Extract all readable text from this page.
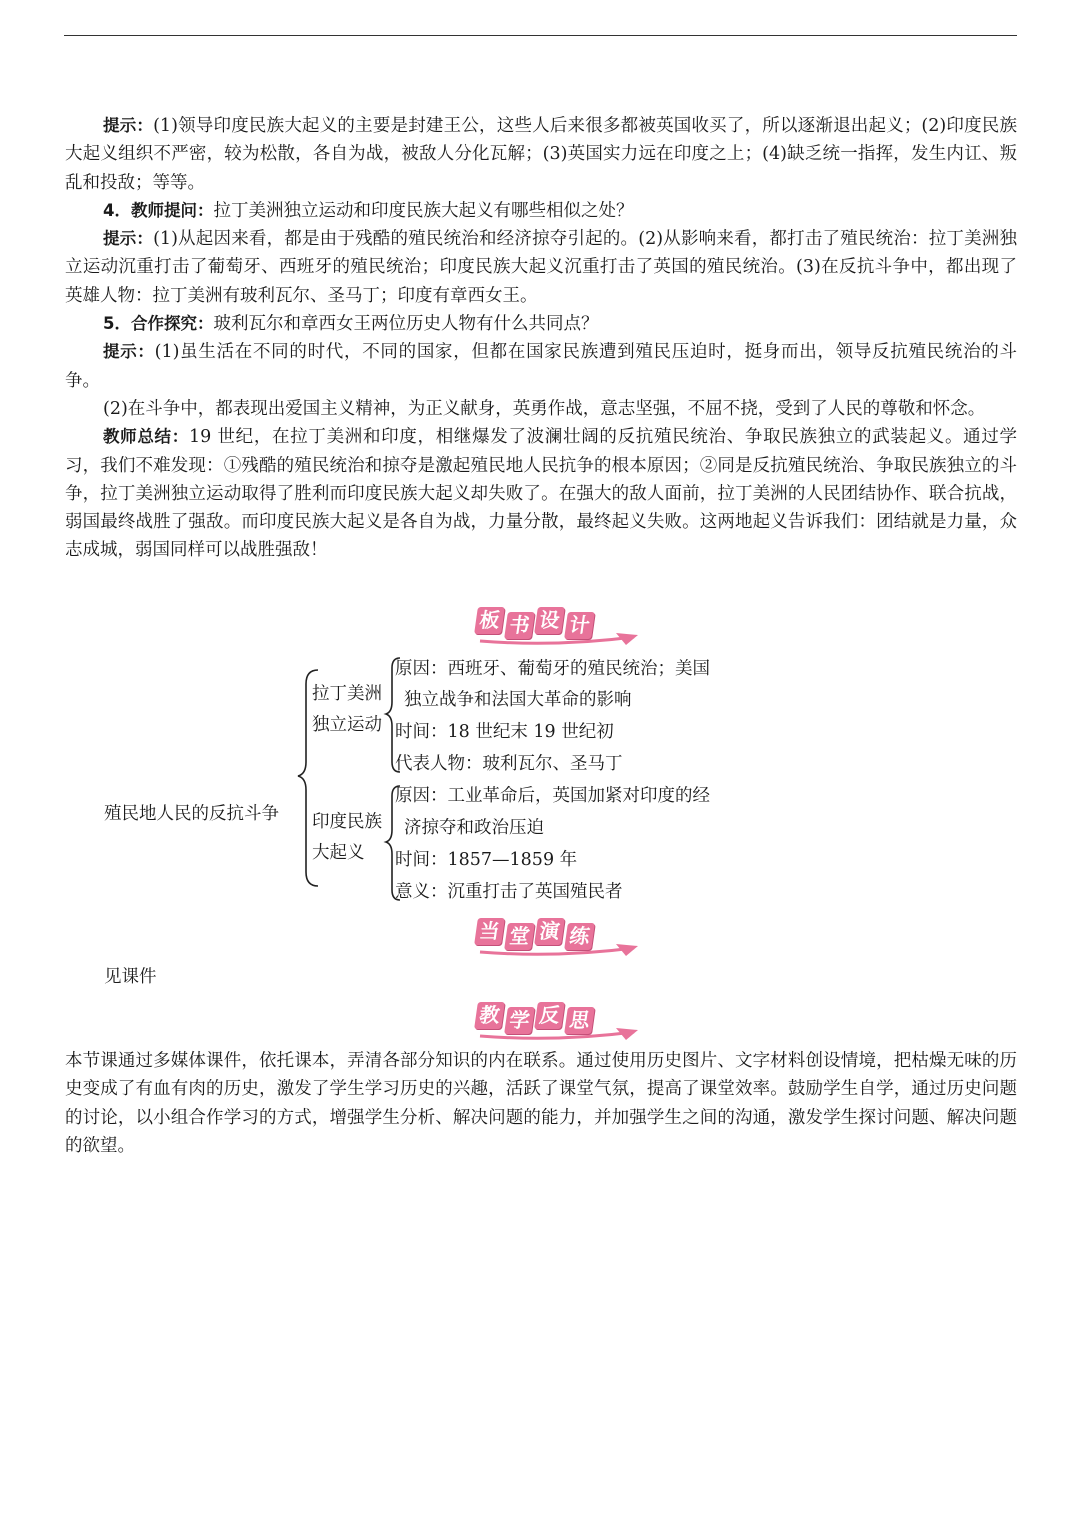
提示：(1)领导印度民族大起义的主要是封建王公，这些人后来很多都被英国收买了，所以逐渐退出起义；(2)印度民族大起义组织不严密，较为松散，各自为战，被敌人分化瓦解；(3)英国实力远在印度之上；(4)缺乏统一指挥，发生内讧、叛乱和投敌；等等。

4．教师提问：拉丁美洲独立运动和印度民族大起义有哪些相似之处？

提示：(1)从起因来看，都是由于残酷的殖民统治和经济掠夺引起的。(2)从影响来看，都打击了殖民统治：拉丁美洲独立运动沉重打击了葡萄牙、西班牙的殖民统治；印度民族大起义沉重打击了英国的殖民统治。(3)在反抗斗争中，都出现了英雄人物：拉丁美洲有玻利瓦尔、圣马丁；印度有章西女王。

5．合作探究：玻利瓦尔和章西女王两位历史人物有什么共同点？

提示：(1)虽生活在不同的时代，不同的国家，但都在国家民族遭到殖民压迫时，挺身而出，领导反抗殖民统治的斗争。

(2)在斗争中，都表现出爱国主义精神，为正义献身，英勇作战，意志坚强，不屈不挠，受到了人民的尊敬和怀念。

教师总结：19 世纪，在拉丁美洲和印度，相继爆发了波澜壮阔的反抗殖民统治、争取民族独立的武装起义。通过学习，我们不难发现：①残酷的殖民统治和掠夺是激起殖民地人民抗争的根本原因；②同是反抗殖民统治、争取民族独立的斗争，拉丁美洲独立运动取得了胜利而印度民族大起义却失败了。在强大的敌人面前，拉丁美洲的人民团结协作、联合抗战，弱国最终战胜了强敌。而印度民族大起义是各自为战，力量分散，最终起义失败。这两地起义告诉我们：团结就是力量，众志成城，弱国同样可以战胜强敌！

板 书 设 计
殖民地人民的反抗斗争
拉丁美洲
独立运动
原因：西班牙、葡萄牙的殖民统治；美国
独立战争和法国大革命的影响
时间：18 世纪末 19 世纪初
代表人物：玻利瓦尔、圣马丁
印度民族
大起义
原因：工业革命后，英国加紧对印度的经
济掠夺和政治压迫
时间：1857—1859 年
意义：沉重打击了英国殖民者
当 堂 演 练
见课件
教 学 反 思

本节课通过多媒体课件，依托课本，弄清各部分知识的内在联系。通过使用历史图片、文字材料创设情境，把枯燥无味的历史变成了有血有肉的历史，激发了学生学习历史的兴趣，活跃了课堂气氛，提高了课堂效率。鼓励学生自学，通过历史问题的讨论，以小组合作学习的方式，增强学生分析、解决问题的能力，并加强学生之间的沟通，激发学生探讨问题、解决问题的欲望。
